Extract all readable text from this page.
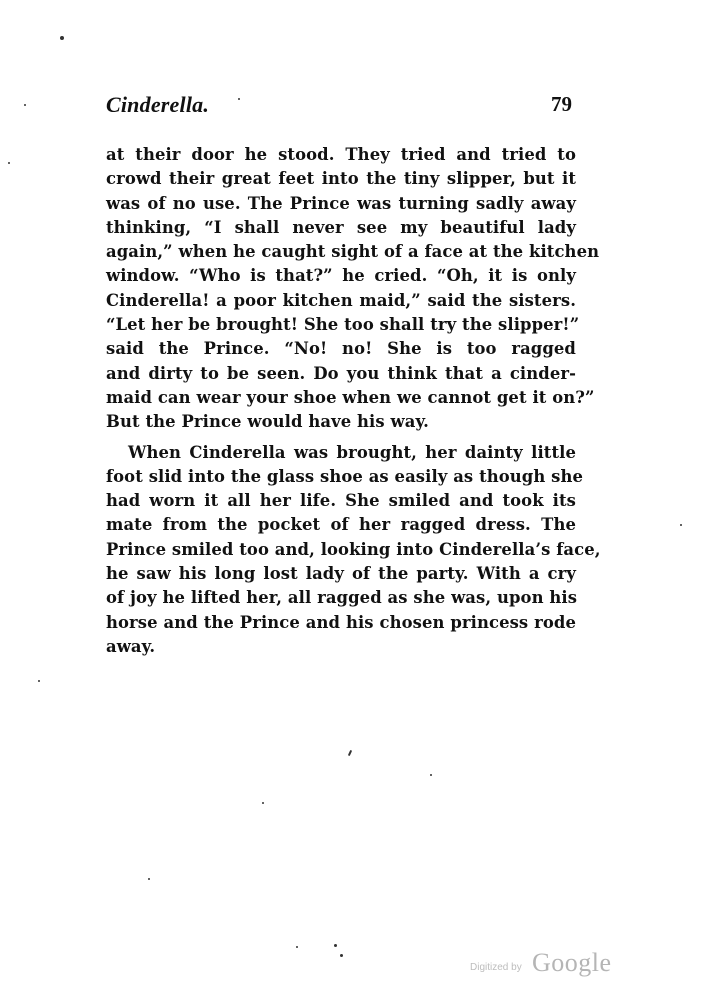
Cinderella.	79
at their door he stood. They tried and tried to
crowd their great feet into the tiny slipper, but it
was of no use. The Prince was turning sadly away
thinking, “I shall never see my beautiful lady
again,” when he caught sight of a face at the kitchen
window. “Who is that?” he cried. “Oh, it is only
Cinderella! a poor kitchen maid,” said the sisters.
“Let her be brought! She too shall try the slipper!”
said the Prince. “No! no! She is too ragged
and dirty to be seen. Do you think that a cinder-
maid can wear your shoe when we cannot get it on?”
But the Prince would have his way.
When Cinderella was brought, her dainty little
foot slid into the glass shoe as easily as though she
had worn it all her life. She smiled and took its
mate from the pocket of her ragged dress. The
Prince smiled too and, looking into Cinderella’s face,
he saw his long lost lady of the party. With a cry
of joy he lifted her, all ragged as she was, upon his
horse and the Prince and his chosen princess rode
away.
Digitized by Google
